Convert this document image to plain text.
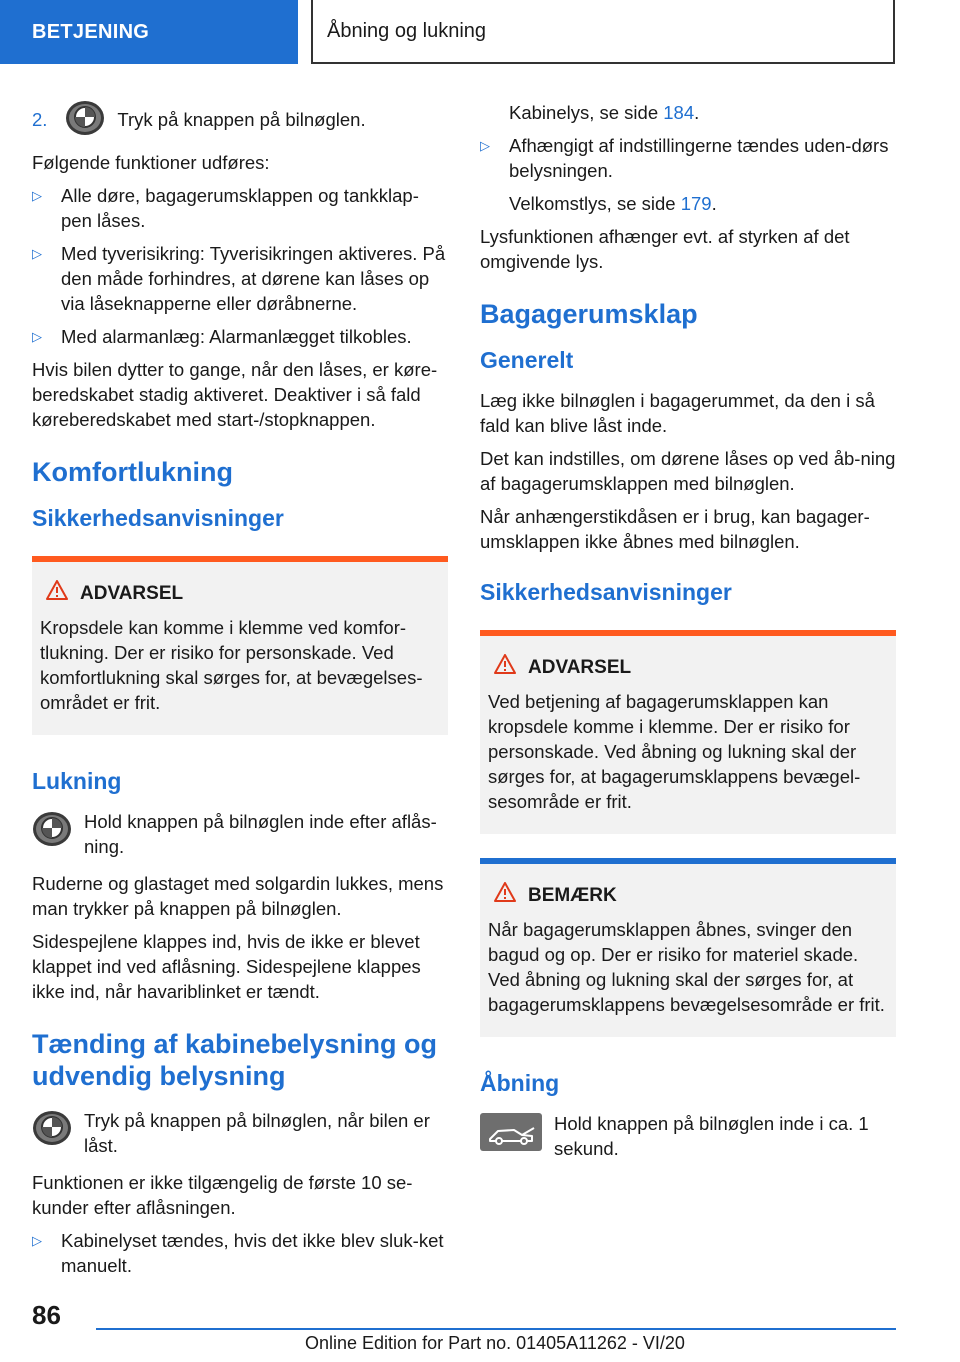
BETJENING	Åbning og lukning

2.	Tryk på knappen på bilnøglen.

Følgende funktioner udføres:

▷ Alle døre, bagagerumsklappen og tankklap-pen låses.
▷ Med tyverisikring: Tyverisikringen aktiveres. På den måde forhindres, at dørene kan låses op via låseknapperne eller døråbnerne.
▷ Med alarmanlæg: Alarmanlægget tilkobles.

Hvis bilen dytter to gange, når den låses, er køre-beredskabet stadig aktiveret. Deaktiver i så fald køreberedskabet med start-/stopknappen.

Komfortlukning
Sikkerhedsanvisninger
ADVARSEL
Kropsdele kan komme i klemme ved komfor-tlukning. Der er risiko for personskade. Ved komfortlukning skal sørges for, at bevægelses-området er frit.
Lukning
Hold knappen på bilnøglen inde efter aflås-ning.

Ruderne og glastaget med solgardin lukkes, mens man trykker på knappen på bilnøglen.

Sidespejlene klappes ind, hvis de ikke er blevet klappet ind ved aflåsning. Sidespejlene klappes ikke ind, når havariblinket er tændt.

Tænding af kabinebelysning og udvendig belysning
Tryk på knappen på bilnøglen, når bilen er låst.

Funktionen er ikke tilgængelig de første 10 se-kunder efter aflåsningen.

▷ Kabinelyset tændes, hvis det ikke blev sluk-ket manuelt.
Kabinelys, se side 184.
▷ Afhængigt af indstillingerne tændes uden-dørs belysningen.
Velkomstlys, se side 179.

Lysfunktionen afhænger evt. af styrken af det omgivende lys.

Bagagerumsklap
Generelt

Læg ikke bilnøglen i bagagerummet, da den i så fald kan blive låst inde.

Det kan indstilles, om dørene låses op ved åb-ning af bagagerumsklappen med bilnøglen.

Når anhængerstikdåsen er i brug, kan bagager-umsklappen ikke åbnes med bilnøglen.

Sikkerhedsanvisninger
ADVARSEL
Ved betjening af bagagerumsklappen kan kropsdele komme i klemme. Der er risiko for personskade. Ved åbning og lukning skal der sørges for, at bagagerumsklappens bevægel-sesområde er frit.
BEMÆRK
Når bagagerumsklappen åbnes, svinger den bagud og op. Der er risiko for materiel skade. Ved åbning og lukning skal der sørges for, at bagagerumsklappens bevægelsesområde er frit.
Åbning
Hold knappen på bilnøglen inde i ca. 1 sekund.
86
Online Edition for Part no. 01405A11262 - VI/20
